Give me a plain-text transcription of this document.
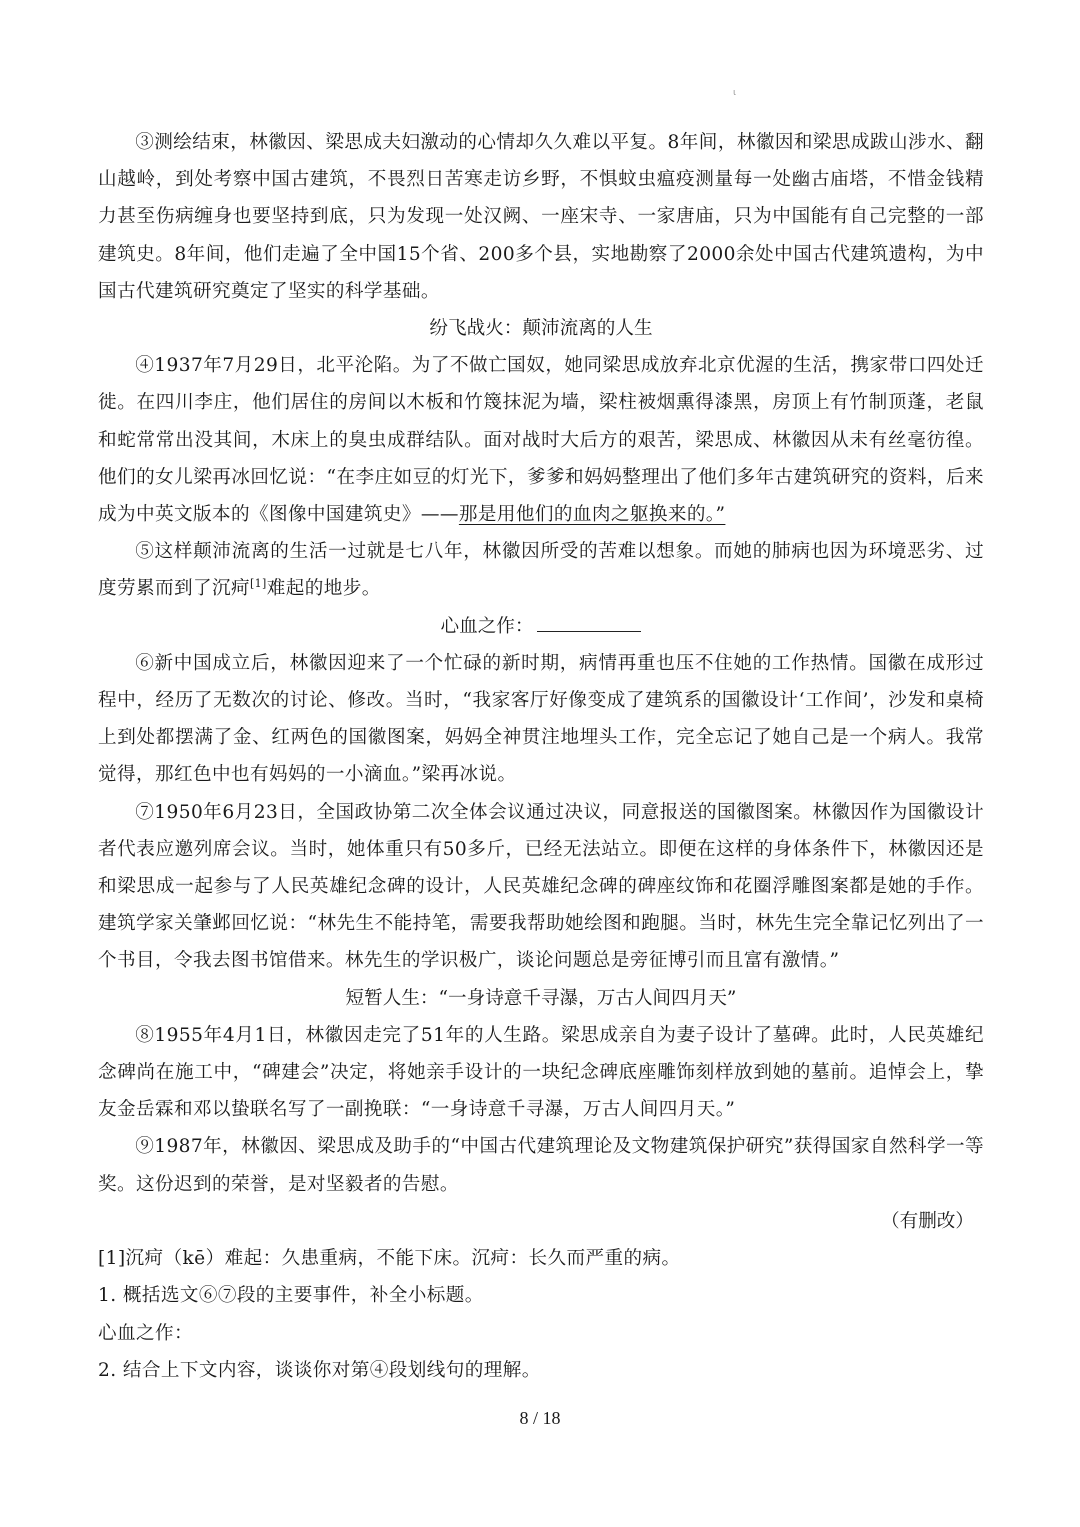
ι

③测绘结束，林徽因、梁思成夫妇激动的心情却久久难以平复。8年间，林徽因和梁思成跋山涉水、翻山越岭，到处考察中国古建筑，不畏烈日苦寒走访乡野，不惧蚊虫瘟疫测量每一处幽古庙塔，不惜金钱精力甚至伤病缠身也要坚持到底，只为发现一处汉阙、一座宋寺、一家唐庙，只为中国能有自己完整的一部建筑史。8年间，他们走遍了全中国15个省、200多个县，实地勘察了2000余处中国古代建筑遗构，为中国古代建筑研究奠定了坚实的科学基础。

纷飞战火：颠沛流离的人生

④1937年7月29日，北平沦陷。为了不做亡国奴，她同梁思成放弃北京优渥的生活，携家带口四处迁徙。在四川李庄，他们居住的房间以木板和竹篾抹泥为墙，梁柱被烟熏得漆黑，房顶上有竹制顶蓬，老鼠和蛇常常出没其间，木床上的臭虫成群结队。面对战时大后方的艰苦，梁思成、林徽因从未有丝毫彷徨。他们的女儿梁再冰回忆说：“在李庄如豆的灯光下，爹爹和妈妈整理出了他们多年古建筑研究的资料，后来成为中英文版本的《图像中国建筑史》——那是用他们的血肉之躯换来的。”

⑤这样颠沛流离的生活一过就是七八年，林徽因所受的苦难以想象。而她的肺病也因为环境恶劣、过度劳累而到了沉疴[1]难起的地步。

心血之作：

⑥新中国成立后，林徽因迎来了一个忙碌的新时期，病情再重也压不住她的工作热情。国徽在成形过程中，经历了无数次的讨论、修改。当时，“我家客厅好像变成了建筑系的国徽设计‘工作间’，沙发和桌椅上到处都摆满了金、红两色的国徽图案，妈妈全神贯注地埋头工作，完全忘记了她自己是一个病人。我常觉得，那红色中也有妈妈的一小滴血。”梁再冰说。

⑦1950年6月23日，全国政协第二次全体会议通过决议，同意报送的国徽图案。林徽因作为国徽设计者代表应邀列席会议。当时，她体重只有50多斤，已经无法站立。即便在这样的身体条件下，林徽因还是和梁思成一起参与了人民英雄纪念碑的设计，人民英雄纪念碑的碑座纹饰和花圈浮雕图案都是她的手作。建筑学家关肇邺回忆说：“林先生不能持笔，需要我帮助她绘图和跑腿。当时，林先生完全靠记忆列出了一个书目，令我去图书馆借来。林先生的学识极广，谈论问题总是旁征博引而且富有激情。”

短暂人生：“一身诗意千寻瀑，万古人间四月天”

⑧1955年4月1日，林徽因走完了51年的人生路。梁思成亲自为妻子设计了墓碑。此时，人民英雄纪念碑尚在施工中，“碑建会”决定，将她亲手设计的一块纪念碑底座雕饰刻样放到她的墓前。追悼会上，挚友金岳霖和邓以蛰联名写了一副挽联：“一身诗意千寻瀑，万古人间四月天。”

⑨1987年，林徽因、梁思成及助手的“中国古代建筑理论及文物建筑保护研究”获得国家自然科学一等奖。这份迟到的荣誉，是对坚毅者的告慰。

（有删改）

[1]沉疴（kē）难起：久患重病，不能下床。沉疴：长久而严重的病。

1. 概括选文⑥⑦段的主要事件，补全小标题。

心血之作：

2. 结合上下文内容，谈谈你对第④段划线句的理解。

8 / 18
